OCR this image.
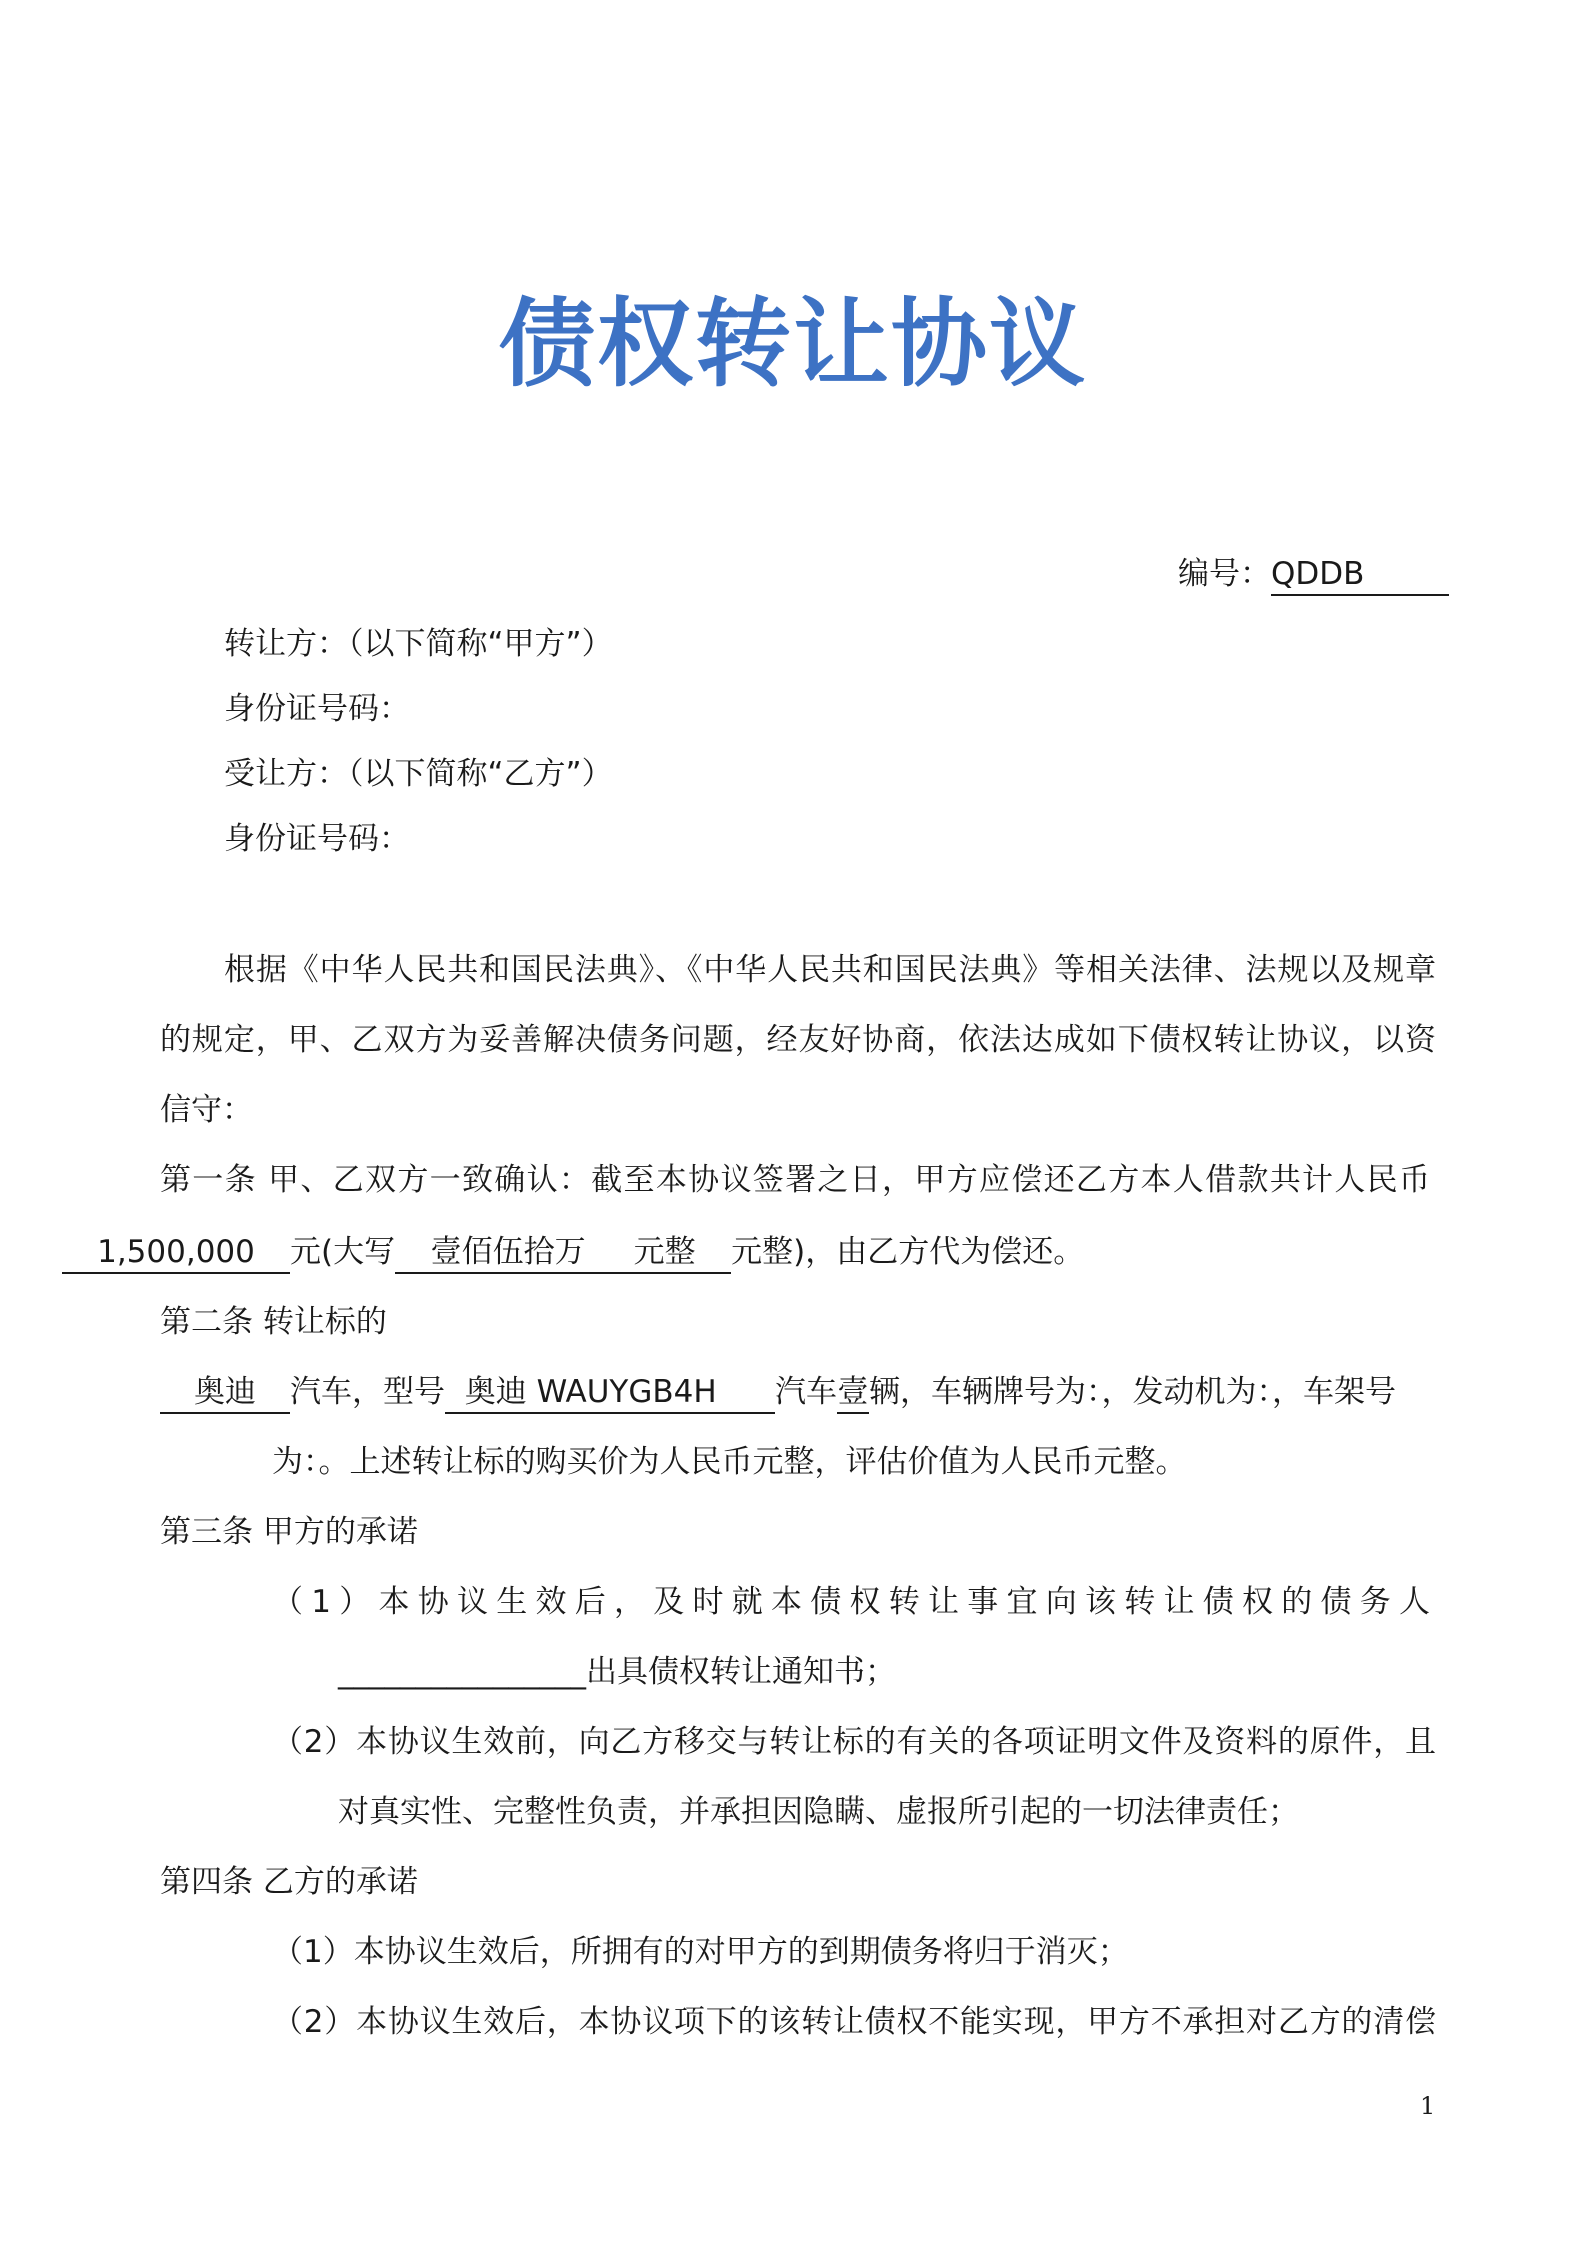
债权转让协议
编号：QDDB
转让方：（以下简称“甲方”）
身份证号码：
受让方：（以下简称“乙方”）
身份证号码：
根据《中华人民共和国民法典》、《中华人民共和国民法典》等相关法律、法规以及规章
的规定，甲、乙双方为妥善解决债务问题，经友好协商，依法达成如下债权转让协议，以资
信守：
第一条 甲、乙双方一致确认：截至本协议签署之日，甲方应偿还乙方本人借款共计人民币
1,500,000 元(大写 壹佰伍拾万 元整 元整)，由乙方代为偿还。
第二条 转让标的
奥迪 汽车，型号 奥迪 WAUYGB4H 汽车壹辆，车辆牌号为：，发动机为：，车架号
为：。上述转让标的购买价为人民币元整，评估价值为人民币元整。
第三条 甲方的承诺
（1）本协议生效后，及时就本债权转让事宜向该转让债权的债务人
________________出具债权转让通知书；
（2）本协议生效前，向乙方移交与转让标的有关的各项证明文件及资料的原件，且
对真实性、完整性负责，并承担因隐瞒、虚报所引起的一切法律责任；
第四条 乙方的承诺
（1）本协议生效后，所拥有的对甲方的到期债务将归于消灭；
（2）本协议生效后，本协议项下的该转让债权不能实现，甲方不承担对乙方的清偿
1
